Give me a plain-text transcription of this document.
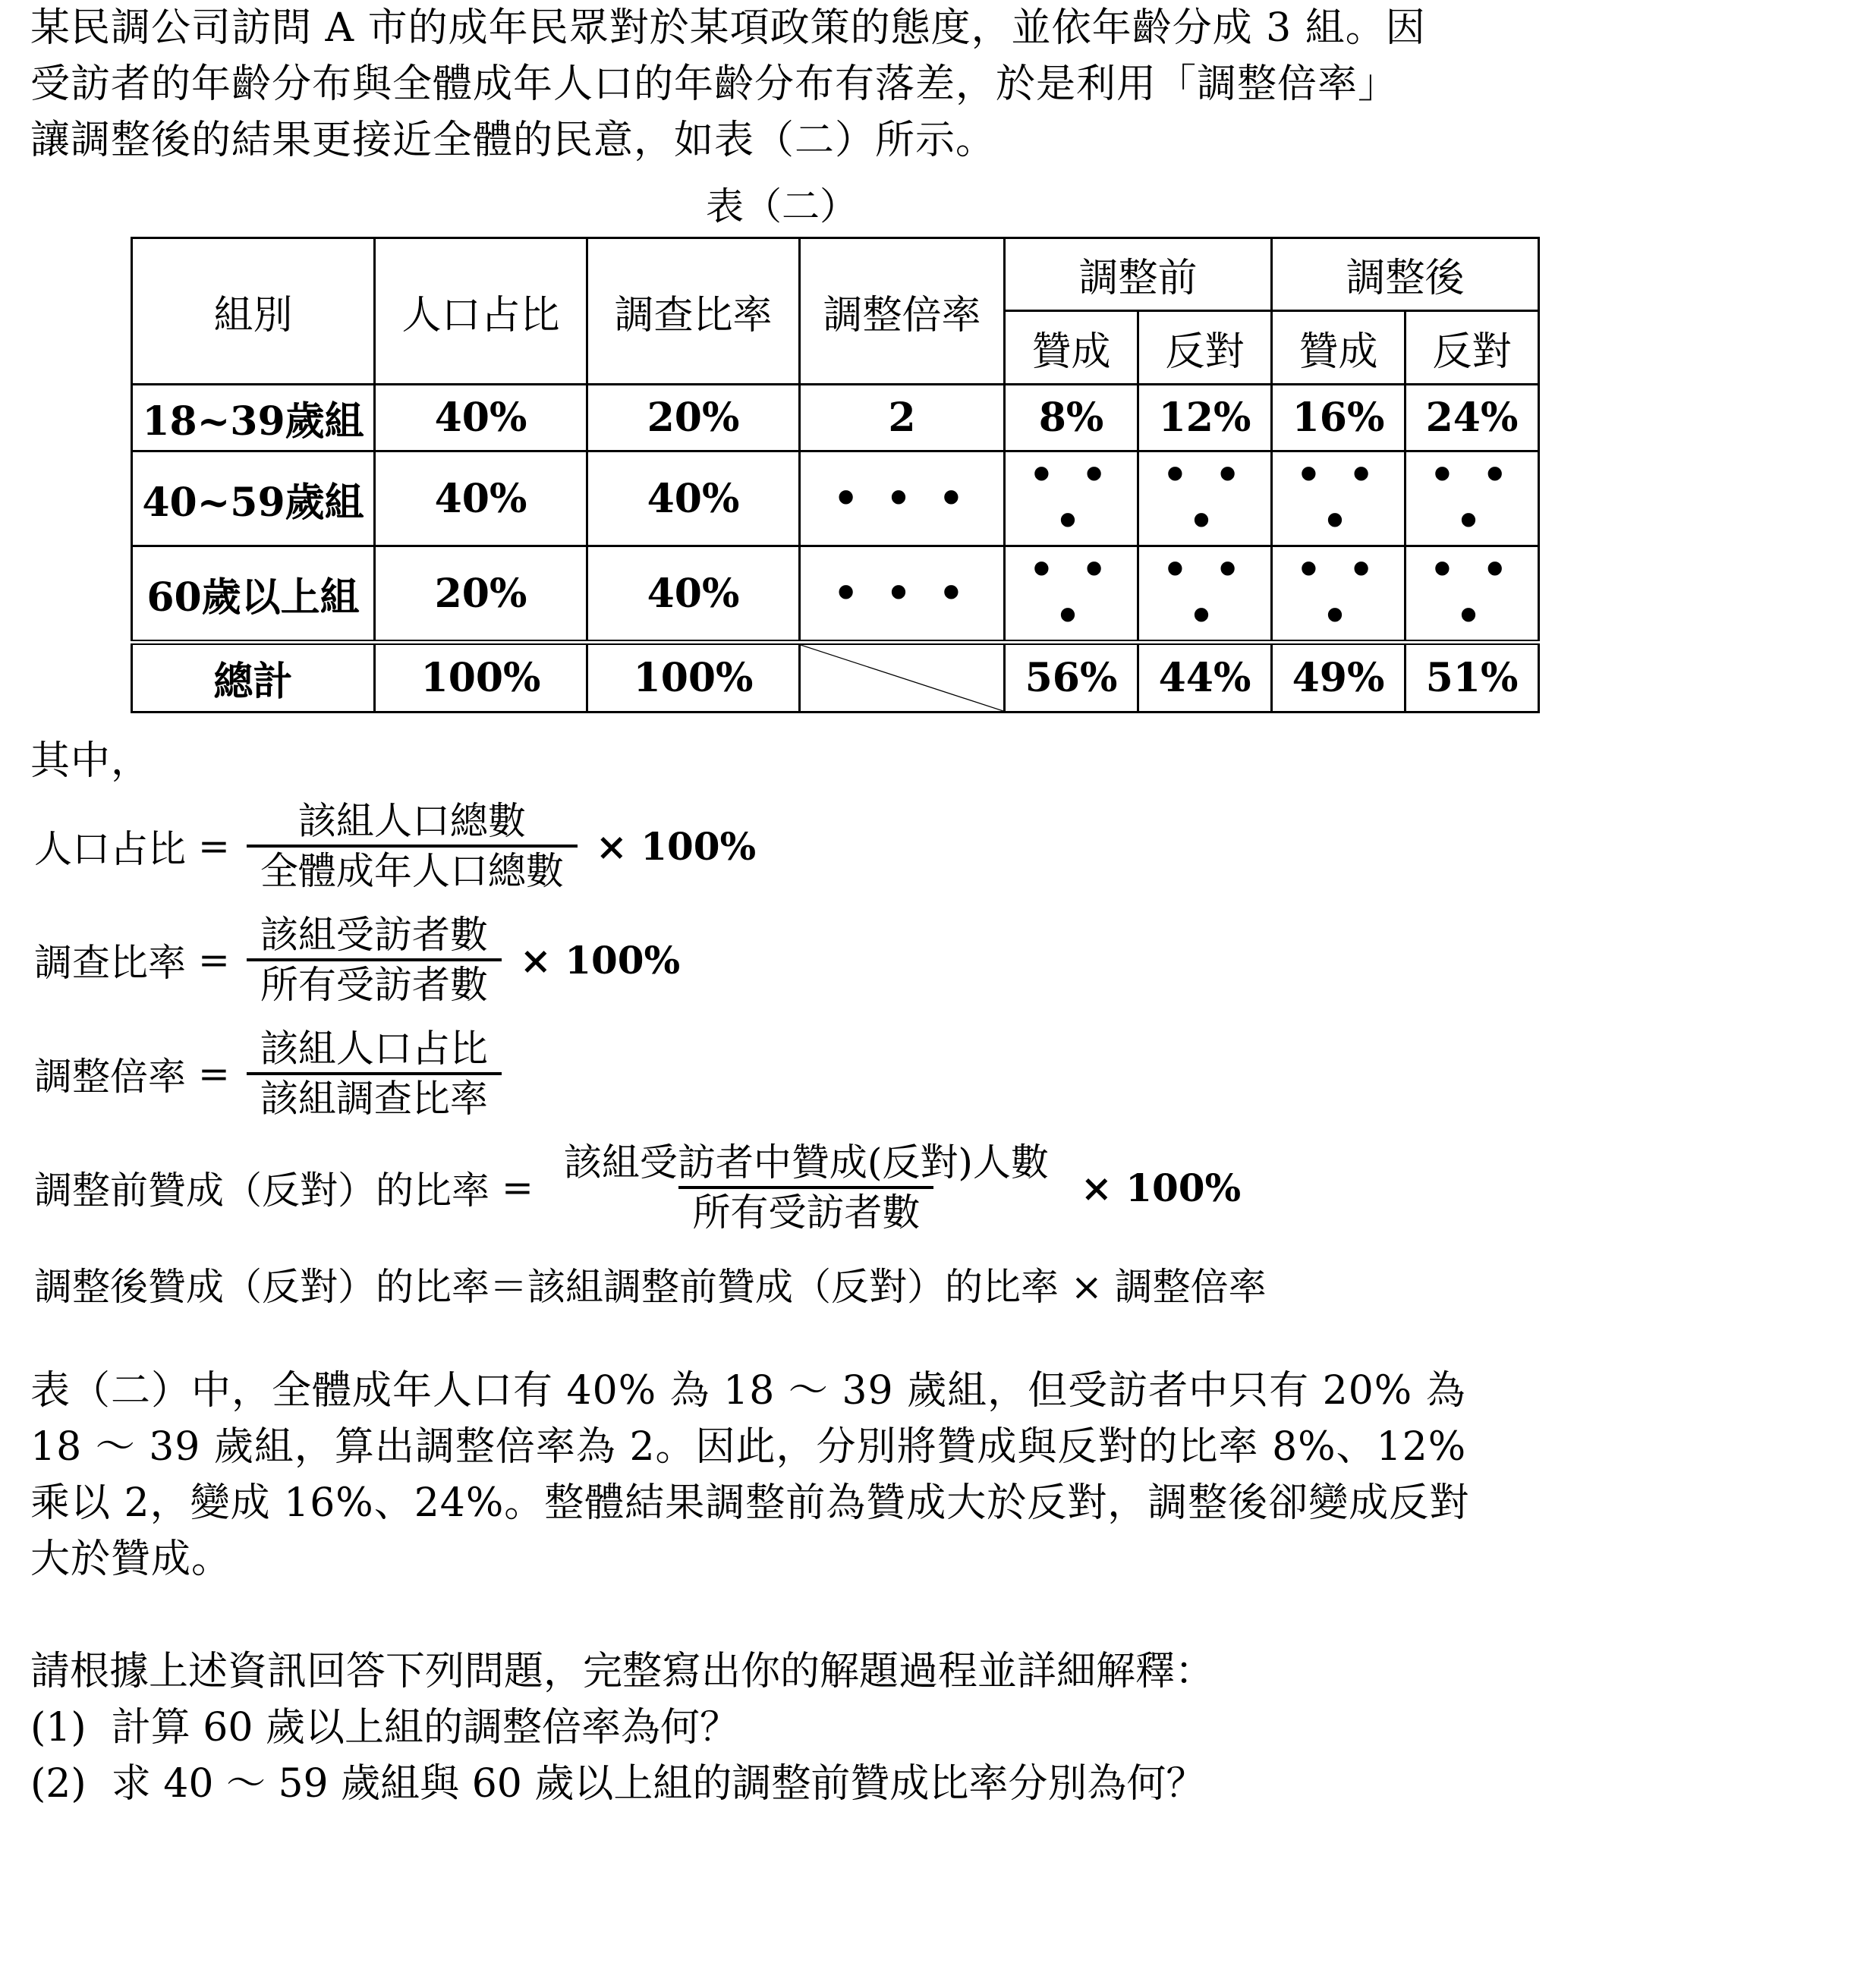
某民調公司訪問 A 市的成年民眾對於某項政策的態度，並依年齡分成 3 組。因

受訪者的年齡分布與全體成年人口的年齡分布有落差，於是利用「調整倍率」

讓調整後的結果更接近全體的民意，如表（二）所示。

表（二）
組別	人口占比	調查比率	調整倍率	調整前		調整後	
				贊成	反對	贊成	反對
18~39歲組	40%	20%	2	8%	12%	16%	24%
40~59歲組	40%	40%	• • •	• • •	• • •	• • •	• • •
60歲以上組	20%	40%	• • •	• • •	• • •	• • •	• • •
總計	100%	100%		56%	44%	49%	51%

其中，

人口占比 = $\frac{\text{該組人口總數}}{\text{全體成年人口總數}} \times 100\%$
調查比率 = $\frac{\text{該組受訪者數}}{\text{所有受訪者數}} \times 100\%$
調整倍率 = $\frac{\text{該組人口占比}}{\text{該組調查比率}}$
調整前贊成（反對）的比率 = $\frac{\text{該組受訪者中贊成(反對)人數}}{\text{所有受訪者數}} \times 100\%$
調整後贊成（反對）的比率＝該組調整前贊成（反對）的比率 × 調整倍率

表（二）中，全體成年人口有 40% 為 18 ～ 39 歲組，但受訪者中只有 20% 為

18 ～ 39 歲組，算出調整倍率為 2。因此，分別將贊成與反對的比率 8%、12%

乘以 2，變成 16%、24%。整體結果調整前為贊成大於反對，調整後卻變成反對

大於贊成。

請根據上述資訊回答下列問題，完整寫出你的解題過程並詳細解釋：

(1)  計算 60 歲以上組的調整倍率為何？

(2)  求 40 ～ 59 歲組與 60 歲以上組的調整前贊成比率分別為何？
